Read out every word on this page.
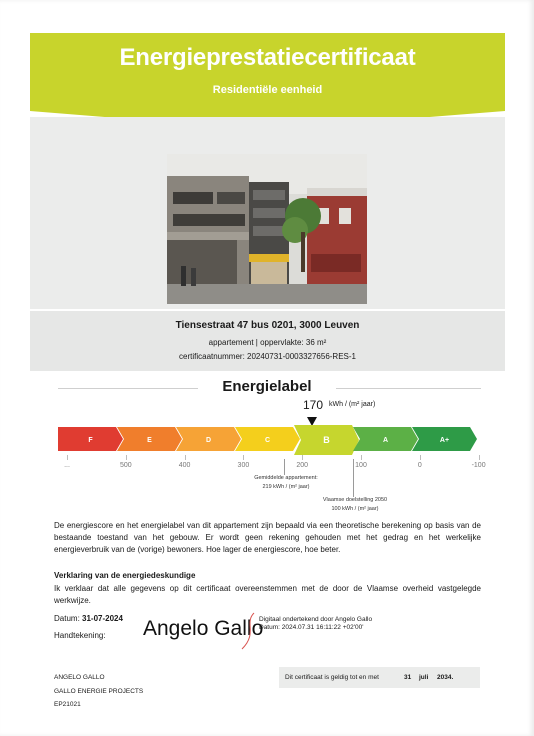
Energieprestatiecertificaat
Residentiële eenheid
Tiensestraat 47 bus 0201, 3000 Leuven
appartement | oppervlakte: 36 m²
certificaatnummer: 20240731-0003327656-RES-1
Energielabel
170 kWh / (m² jaar)
F	E	D	C	B	A	A+
...	500	400	300	200	100	0	-100
Gemiddelde appartement:
219 kWh / (m² jaar)
Vlaamse doelstelling 2050
100 kWh / (m² jaar)
De energiescore en het energielabel van dit appartement zijn bepaald via een theoretische berekening op basis van de bestaande toestand van het gebouw. Er wordt geen rekening gehouden met het gedrag en het werkelijke energieverbruik van de (vorige) bewoners. Hoe lager de energiescore, hoe beter.
Verklaring van de energiedeskundige
Ik verklaar dat alle gegevens op dit certificaat overeenstemmen met de door de Vlaamse overheid vastgelegde werkwijze.
Datum: 31-07-2024
Handtekening: Angelo Gallo
Digitaal ondertekend door Angelo Gallo
Datum: 2024.07.31 16:11:22 +02'00'
ANGELO GALLO
GALLO ENERGIE PROJECTS
EP21021
Dit certificaat is geldig tot en met	31 juli 2034.
